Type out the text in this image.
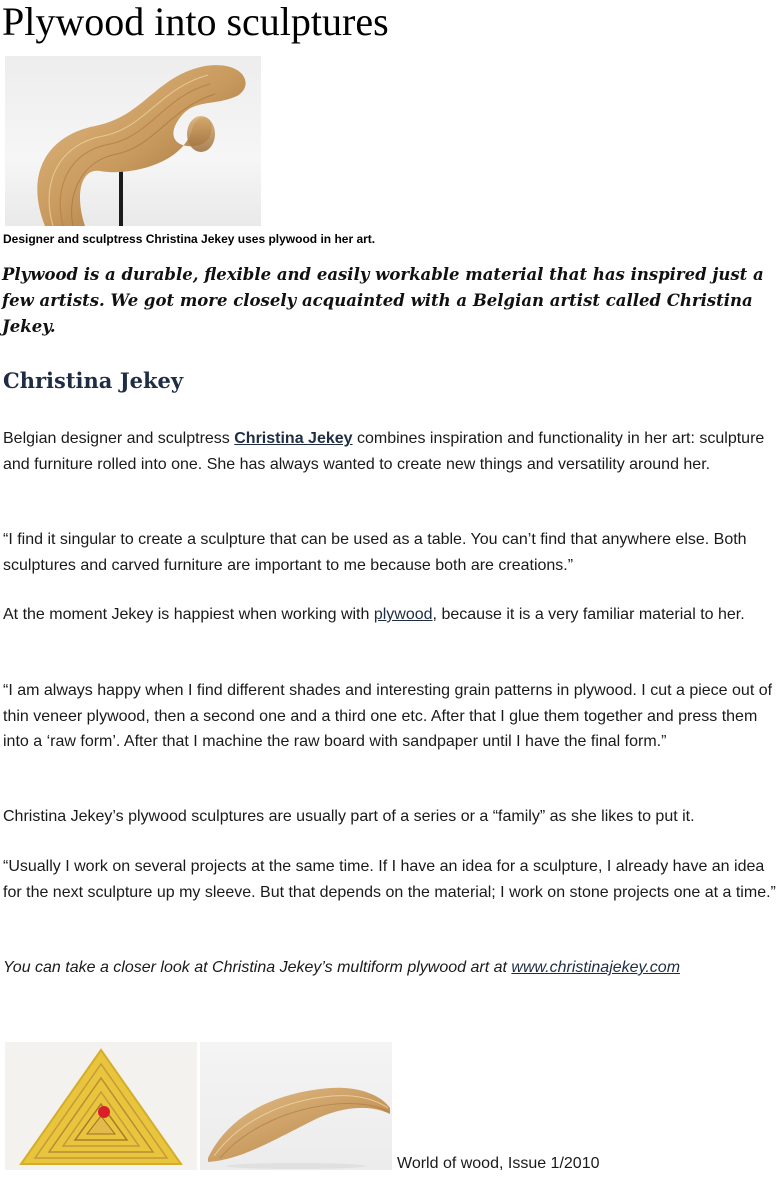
Plywood into sculptures
Designer and sculptress Christina Jekey uses plywood in her art.

Plywood is a durable, flexible and easily workable material that has inspired just a few artists. We got more closely acquainted with a Belgian artist called Christina Jekey.

Christina Jekey

Belgian designer and sculptress Christina Jekey combines inspiration and functionality in her art: sculpture and furniture rolled into one. She has always wanted to create new things and versatility around her.

“I find it singular to create a sculpture that can be used as a table. You can’t find that anywhere else. Both sculptures and carved furniture are important to me because both are creations.”

At the moment Jekey is happiest when working with plywood, because it is a very familiar material to her.

“I am always happy when I find different shades and interesting grain patterns in plywood. I cut a piece out of thin veneer plywood, then a second one and a third one etc. After that I glue them together and press them into a ‘raw form’. After that I machine the raw board with sandpaper until I have the final form.”

Christina Jekey’s plywood sculptures are usually part of a series or a “family” as she likes to put it.

“Usually I work on several projects at the same time. If I have an idea for a sculpture, I already have an idea for the next sculpture up my sleeve. But that depends on the material; I work on stone projects one at a time.”

You can take a closer look at Christina Jekey’s multiform plywood art at www.christinajekey.com

World of wood, Issue 1/2010
